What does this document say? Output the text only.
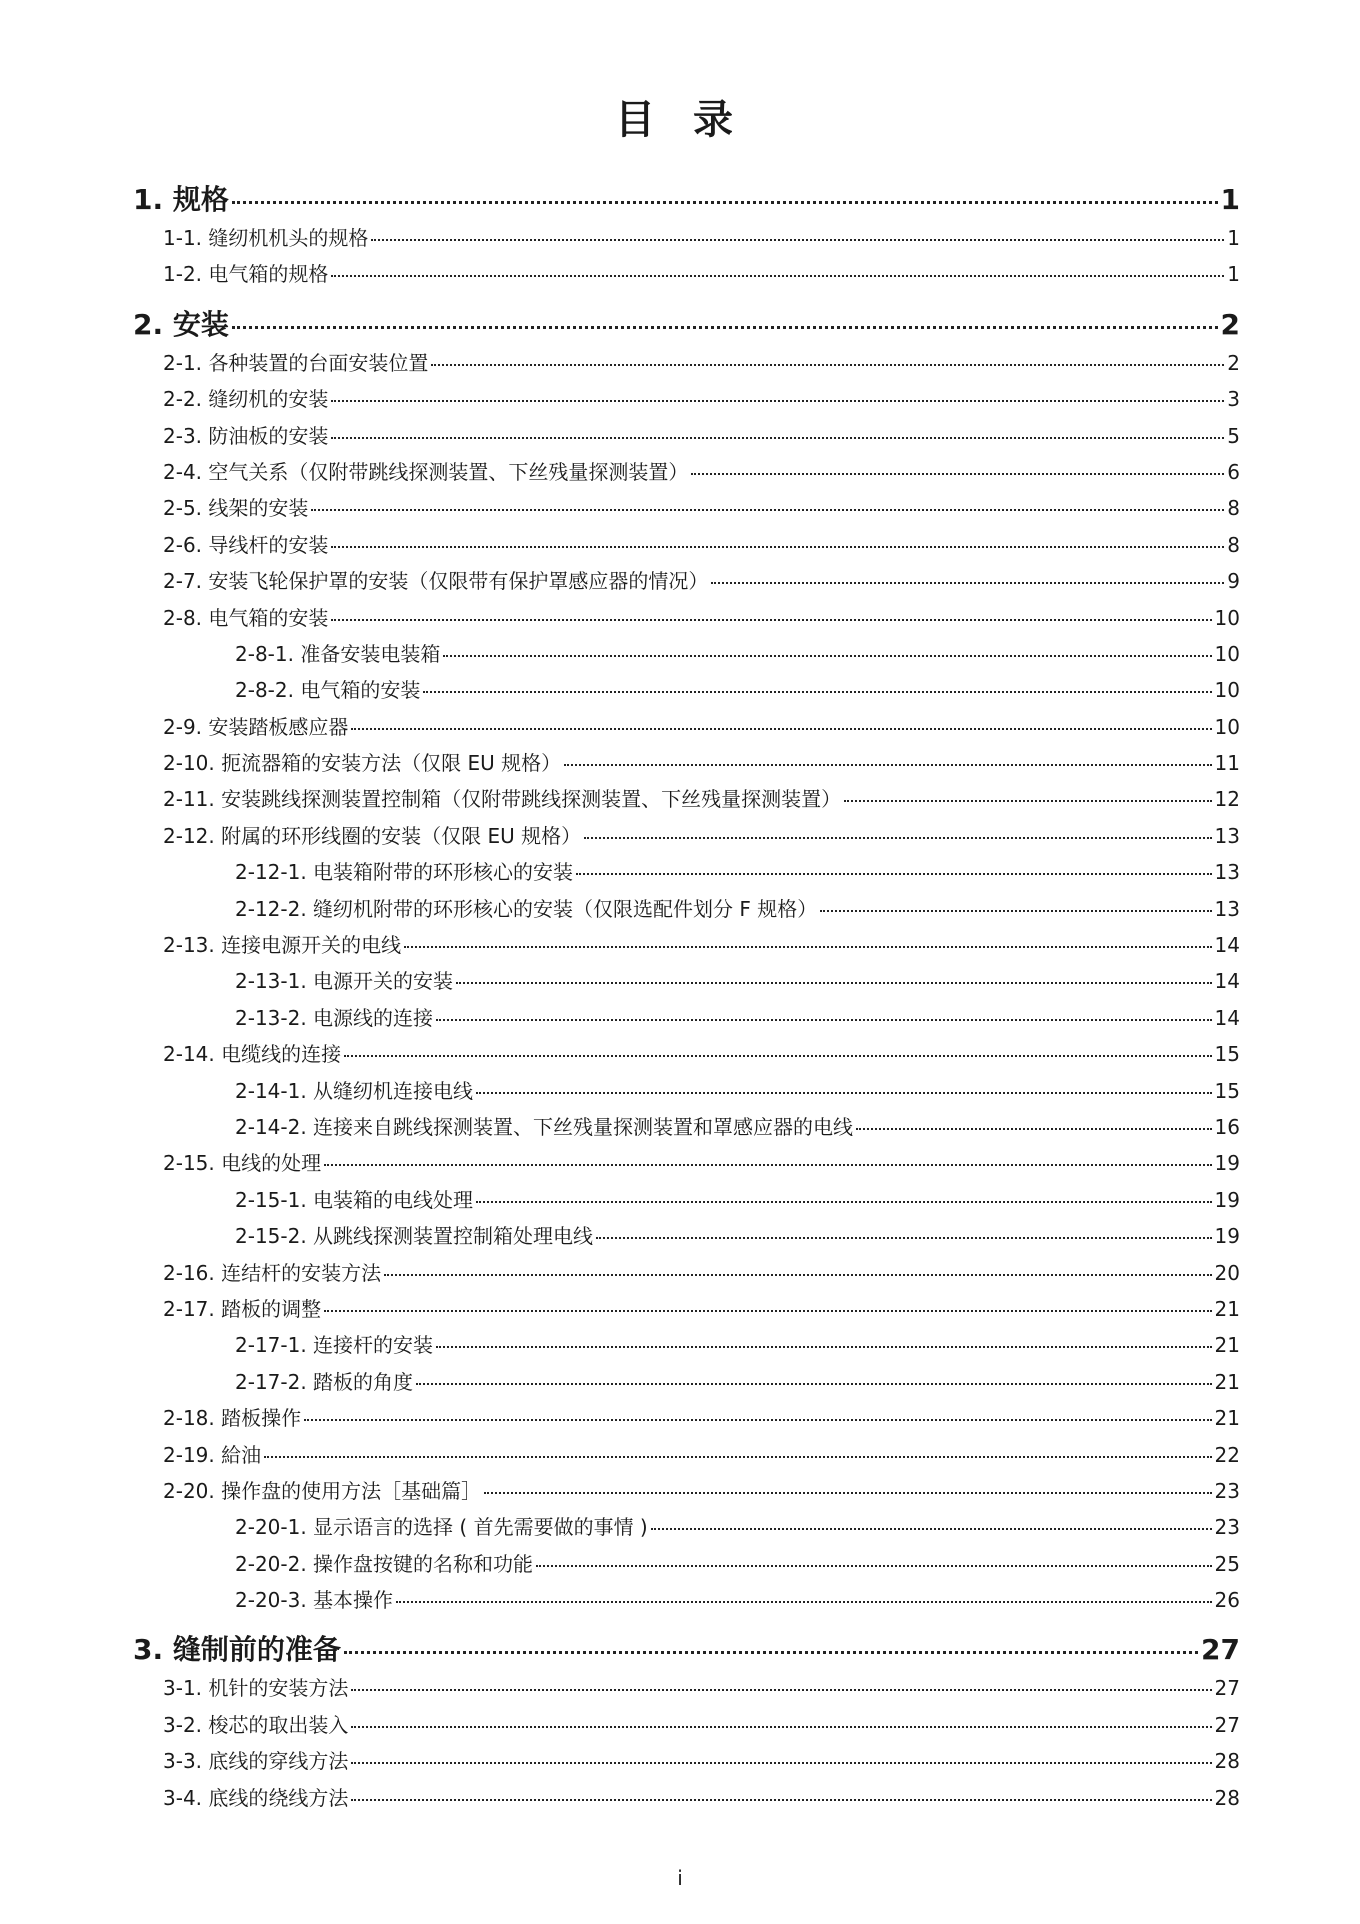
目 录
1. 规格	1
1-1. 缝纫机机头的规格	1
1-2. 电气箱的规格	1
2. 安装	2
2-1. 各种装置的台面安装位置	2
2-2. 缝纫机的安装	3
2-3. 防油板的安装	5
2-4. 空气关系（仅附带跳线探测装置、下丝残量探测装置）	6
2-5. 线架的安装	8
2-6. 导线杆的安装	8
2-7. 安装飞轮保护罩的安装（仅限带有保护罩感应器的情况）	9
2-8. 电气箱的安装	10
2-8-1. 准备安装电装箱	10
2-8-2. 电气箱的安装	10
2-9. 安装踏板感应器	10
2-10. 扼流器箱的安装方法（仅限 EU 规格）	11
2-11. 安装跳线探测装置控制箱（仅附带跳线探测装置、下丝残量探测装置）	12
2-12. 附属的环形线圈的安装（仅限 EU 规格）	13
2-12-1. 电装箱附带的环形核心的安装	13
2-12-2. 缝纫机附带的环形核心的安装（仅限选配件划分 F 规格）	13
2-13. 连接电源开关的电线	14
2-13-1. 电源开关的安装	14
2-13-2. 电源线的连接	14
2-14. 电缆线的连接	15
2-14-1. 从缝纫机连接电线	15
2-14-2. 连接来自跳线探测装置、下丝残量探测装置和罩感应器的电线	16
2-15. 电线的处理	19
2-15-1. 电装箱的电线处理	19
2-15-2. 从跳线探测装置控制箱处理电线	19
2-16. 连结杆的安装方法	20
2-17. 踏板的调整	21
2-17-1. 连接杆的安装	21
2-17-2. 踏板的角度	21
2-18. 踏板操作	21
2-19. 給油	22
2-20. 操作盘的使用方法［基础篇］	23
2-20-1. 显示语言的选择 ( 首先需要做的事情 )	23
2-20-2. 操作盘按键的名称和功能	25
2-20-3. 基本操作	26
3. 缝制前的准备	27
3-1. 机针的安装方法	27
3-2. 梭芯的取出装入	27
3-3. 底线的穿线方法	28
3-4. 底线的绕线方法	28
i
